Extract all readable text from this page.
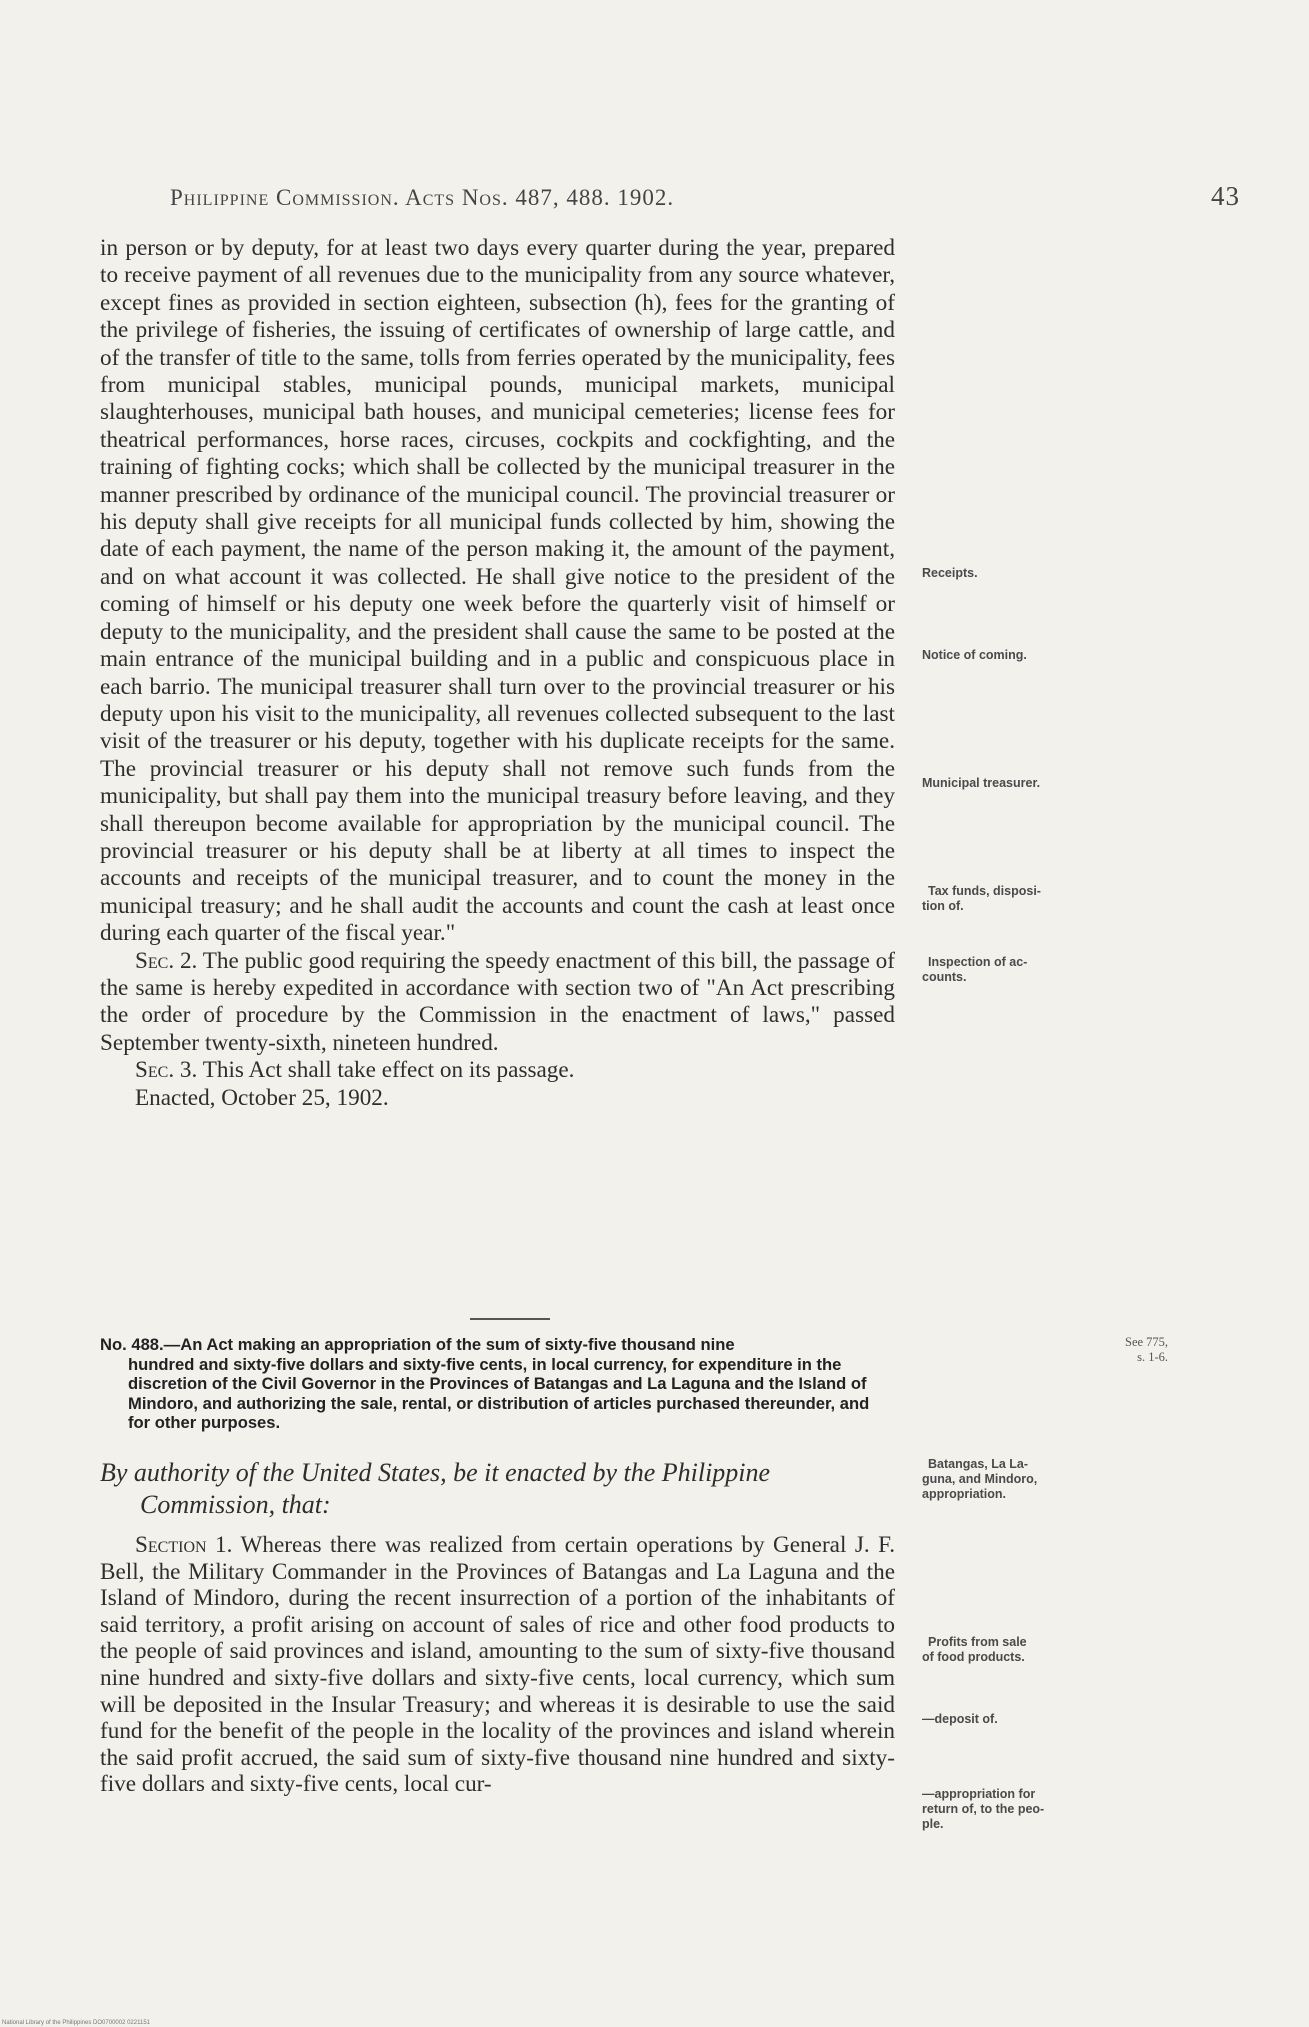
Philippine Commission. Acts Nos. 487, 488. 1902.	43

in person or by deputy, for at least two days every quarter during the year, prepared to receive payment of all revenues due to the municipality from any source whatever, except fines as provided in section eighteen, subsection (h), fees for the granting of the privilege of fisheries, the issuing of certificates of ownership of large cattle, and of the transfer of title to the same, tolls from ferries operated by the municipality, fees from municipal stables, municipal pounds, municipal markets, municipal slaughterhouses, municipal bath houses, and municipal cemeteries; license fees for theatrical performances, horse races, circuses, cockpits and cockfighting, and the training of fighting cocks; which shall be collected by the municipal treasurer in the manner prescribed by ordinance of the municipal council. The provincial treasurer or his deputy shall give receipts for all municipal funds collected by him, showing the date of each payment, the name of the person making it, the amount of the payment, and on what account it was collected. He shall give notice to the president of the coming of himself or his deputy one week before the quarterly visit of himself or deputy to the municipality, and the president shall cause the same to be posted at the main entrance of the municipal building and in a public and conspicuous place in each barrio. The municipal treasurer shall turn over to the provincial treasurer or his deputy upon his visit to the municipality, all revenues collected subsequent to the last visit of the treasurer or his deputy, together with his duplicate receipts for the same. The provincial treasurer or his deputy shall not remove such funds from the municipality, but shall pay them into the municipal treasury before leaving, and they shall thereupon become available for appropriation by the municipal council. The provincial treasurer or his deputy shall be at liberty at all times to inspect the accounts and receipts of the municipal treasurer, and to count the money in the municipal treasury; and he shall audit the accounts and count the cash at least once during each quarter of the fiscal year."

Sec. 2. The public good requiring the speedy enactment of this bill, the passage of the same is hereby expedited in accordance with section two of "An Act prescribing the order of procedure by the Commission in the enactment of laws," passed September twenty-sixth, nineteen hundred.

Sec. 3. This Act shall take effect on its passage.

Enacted, October 25, 1902.

No. 488.—An Act making an appropriation of the sum of sixty-five thousand nine
hundred and sixty-five dollars and sixty-five cents, in local currency, for expenditure in the discretion of the Civil Governor in the Provinces of Batangas and La Laguna and the Island of Mindoro, and authorizing the sale, rental, or distribution of articles purchased thereunder, and for other purposes.
By authority of the United States, be it enacted by the Philippine
Commission, that:

Section 1. Whereas there was realized from certain operations by General J. F. Bell, the Military Commander in the Provinces of Batangas and La Laguna and the Island of Mindoro, during the recent insurrection of a portion of the inhabitants of said territory, a profit arising on account of sales of rice and other food products to the people of said provinces and island, amounting to the sum of sixty-five thousand nine hundred and sixty-five dollars and sixty-five cents, local currency, which sum will be deposited in the Insular Treasury; and whereas it is desirable to use the said fund for the benefit of the people in the locality of the provinces and island wherein the said profit accrued, the said sum of sixty-five thousand nine hundred and sixty-five dollars and sixty-five cents, local cur-

Receipts.
Notice of coming.
Municipal treasurer.
Tax funds, disposi-
tion of.
Inspection of ac-
counts.
See 775,
s. 1-6.
Batangas, La La-
guna, and Mindoro,
appropriation.
Profits from sale
of food products.
—deposit of.
—appropriation for
return of, to the peo-
ple.
National Library of the Philippines DO0700002 0221151
